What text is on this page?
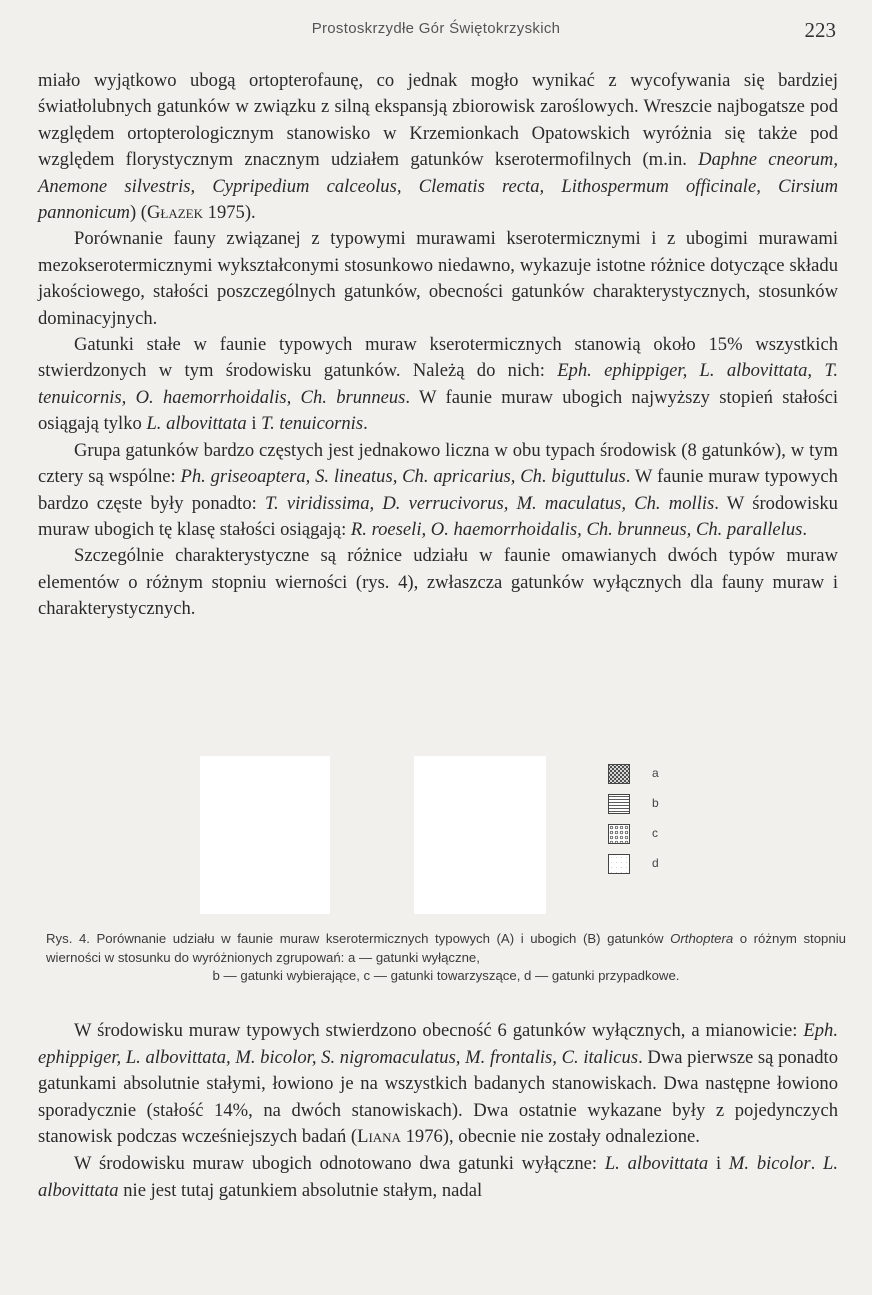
Prostoskrzydłe Gór Świętokrzyskich	223

miało wyjątkowo ubogą ortopterofaunę, co jednak mogło wynikać z wycofywania się bardziej światłolubnych gatunków w związku z silną ekspansją zbiorowisk zaroślowych. Wreszcie najbogatsze pod względem ortopterologicznym stanowisko w Krzemionkach Opatowskich wyróżnia się także pod względem florystycznym znacznym udziałem gatunków kserotermofilnych (m.in. Daphne cneorum, Anemone silvestris, Cypripedium calceolus, Clematis recta, Lithospermum officinale, Cirsium pannonicum) (Głazek 1975).

Porównanie fauny związanej z typowymi murawami kserotermicznymi i z ubogimi murawami mezokserotermicznymi wykształconymi stosunkowo niedawno, wykazuje istotne różnice dotyczące składu jakościowego, stałości poszczególnych gatunków, obecności gatunków charakterystycznych, stosunków dominacyjnych.

Gatunki stałe w faunie typowych muraw kserotermicznych stanowią około 15% wszystkich stwierdzonych w tym środowisku gatunków. Należą do nich: Eph. ephippiger, L. albovittata, T. tenuicornis, O. haemorrhoidalis, Ch. brunneus. W faunie muraw ubogich najwyższy stopień stałości osiągają tylko L. albovittata i T. tenuicornis.

Grupa gatunków bardzo częstych jest jednakowo liczna w obu typach środowisk (8 gatunków), w tym cztery są wspólne: Ph. griseoaptera, S. lineatus, Ch. apricarius, Ch. biguttulus. W faunie muraw typowych bardzo częste były ponadto: T. viridissima, D. verrucivorus, M. maculatus, Ch. mollis. W środowisku muraw ubogich tę klasę stałości osiągają: R. roeseli, O. haemorrhoidalis, Ch. brunneus, Ch. parallelus.

Szczególnie charakterystyczne są różnice udziału w faunie omawianych dwóch typów muraw elementów o różnym stopniu wierności (rys. 4), zwłaszcza gatunków wyłącznych dla fauny muraw i charakterystycznych.

a
b
c
d
Rys. 4. Porównanie udziału w faunie muraw kserotermicznych typowych (A) i ubogich (B) gatunków Orthoptera o różnym stopniu wierności w stosunku do wyróżnionych zgrupowań: a — gatunki wyłączne,
b — gatunki wybierające, c — gatunki towarzyszące, d — gatunki przypadkowe.

W środowisku muraw typowych stwierdzono obecność 6 gatunków wyłącznych, a mianowicie: Eph. ephippiger, L. albovittata, M. bicolor, S. nigromaculatus, M. frontalis, C. italicus. Dwa pierwsze są ponadto gatunkami absolutnie stałymi, łowiono je na wszystkich badanych stanowiskach. Dwa następne łowiono sporadycznie (stałość 14%, na dwóch stanowiskach). Dwa ostatnie wykazane były z pojedynczych stanowisk podczas wcześniejszych badań (Liana 1976), obecnie nie zostały odnalezione.

W środowisku muraw ubogich odnotowano dwa gatunki wyłączne: L. albovittata i M. bicolor. L. albovittata nie jest tutaj gatunkiem absolutnie stałym, nadal
